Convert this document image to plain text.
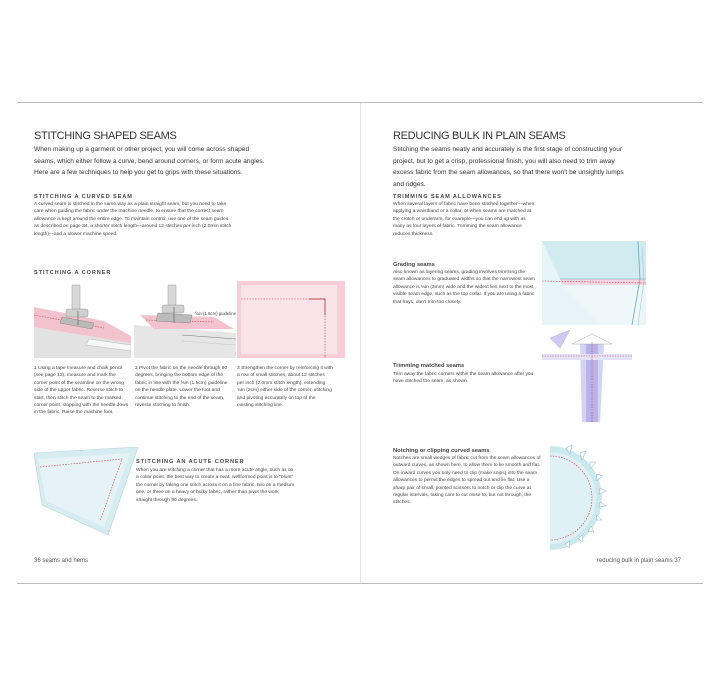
STITCHING SHAPED SEAMS
When making up a garment or other project, you will come across shaped seams, which either follow a curve, bend around corners, or form acute angles. Here are a few techniques to help you get to grips with these situations.
STITCHING A CURVED SEAM
A curved seam is stitched in the same way as a plain straight seam, but you need to take care when guiding the fabric under the machine needle, to ensure that the correct seam allowance is kept around the entire edge. To maintain control, use one of the seam guides as described on page 34, a shorter stitch length—around 12 stitches per inch (2.0mm stitch length)—and a slower machine speed.
STITCHING A CORNER
⅝in (1.5cm) guideline
1 Using a tape measure and chalk pencil (see page 13), measure and mark the corner point of the seamline on the wrong side of the upper fabric. Reverse stitch to start, then stitch the seam to the marked corner point, stopping with the needle down in the fabric. Raise the machine foot.
2 Pivot the fabric on the needle through 90 degrees, bringing the bottom edge of the fabric in line with the ⅝in (1.5cm) guideline on the needle plate. Lower the foot and continue stitching to the end of the seam, reverse stitching to finish.
3 Strengthen the corner by reinforcing it with a row of small stitches, about 12 stitches per inch (2.0mm stitch length), extending ¾in (2cm) either side of the corner, stitching and pivoting accurately on top of the existing stitching line.
STITCHING AN ACUTE CORNER
When you are stitching a corner that has a more acute angle, such as on a collar point, the best way to create a neat, wellformed point is to "blunt" the corner by taking one stitch across it on a fine fabric, two on a medium one, or three on a heavy or bulky fabric, rather than pivot the work straight through 90 degrees.
36 seams and hems
REDUCING BULK IN PLAIN SEAMS
Stitching the seams neatly and accurately is the first stage of constructing your project, but to get a crisp, professional finish, you will also need to trim away excess fabric from the seam allowances, so that there won't be unsightly lumps and ridges.
TRIMMING SEAM ALLOWANCES
When several layers of fabric have been stitched together—when applying a waistband or a collar, or when seams are matched at the crotch or underarm, for example—you can end up with as many as four layers of fabric. Trimming the seam allowance reduces thickness.
Grading seams
Also known as layering seams, grading involves trimming the seam allowances to graduated widths so that the narrowest seam allowance is ⅛in (3mm) wide and the widest lies next to the most visible seam edge, such as the top collar. If you are using a fabric that frays, don't trim too closely.
Trimming matched seams
Trim away the fabric corners within the seam allowance after you have stitched the seam, as shown.
Notching or clipping curved seams
Notches are small wedges of fabric cut from the seam allowances of outward curves, as shown here, to allow them to lie smooth and flat. On inward curves you only need to clip (make snips) into the seam allowances to permit the edges to spread out and lie flat. Use a sharp pair of small, pointed scissors to notch or clip the curve at regular intervals, taking care to cut close to, but not through, the stitches.
reducing bulk in plain seams 37
